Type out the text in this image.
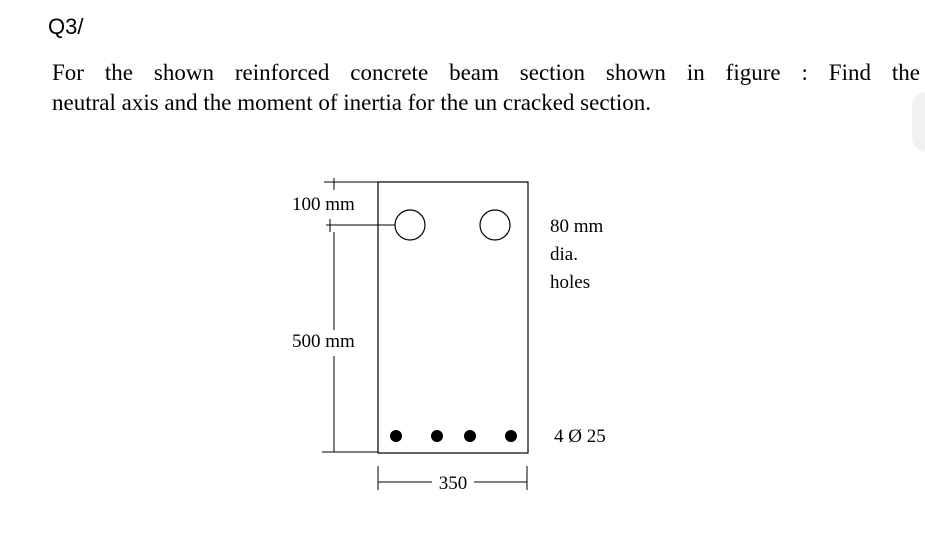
Q3/
For the shown reinforced concrete beam section shown in figure : Find the
neutral axis and the moment of inertia for the un cracked section.
100 mm
500 mm
80 mm
dia.
holes
4 Ø 25
350
